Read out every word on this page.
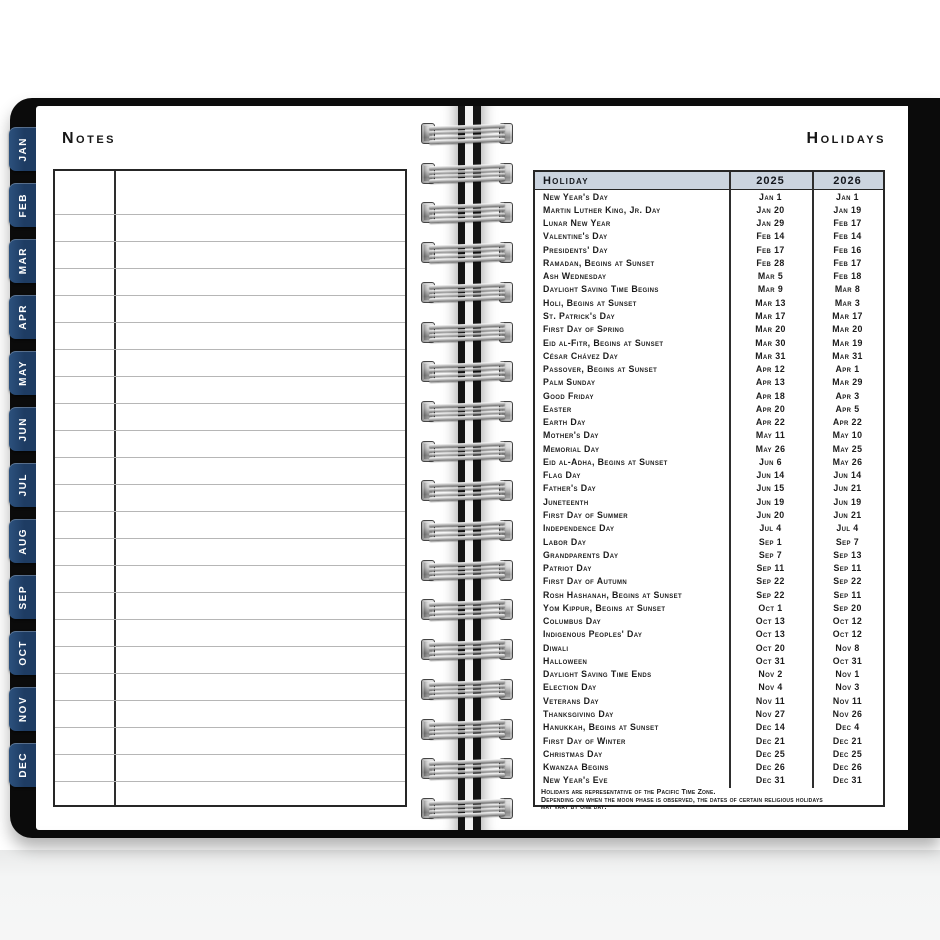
JAN
FEB
MAR
APR
MAY
JUN
JUL
AUG
SEP
OCT
NOV
DEC
Notes	Holidays
Holiday	2025	2026
New Year's Day	Jan 1	Jan 1
Martin Luther King, Jr. Day	Jan 20	Jan 19
Lunar New Year	Jan 29	Feb 17
Valentine's Day	Feb 14	Feb 14
Presidents' Day	Feb 17	Feb 16
Ramadan, Begins at Sunset	Feb 28	Feb 17
Ash Wednesday	Mar 5	Feb 18
Daylight Saving Time Begins	Mar 9	Mar 8
Holi, Begins at Sunset	Mar 13	Mar 3
St. Patrick's Day	Mar 17	Mar 17
First Day of Spring	Mar 20	Mar 20
Eid al-Fitr, Begins at Sunset	Mar 30	Mar 19
César Chávez Day	Mar 31	Mar 31
Passover, Begins at Sunset	Apr 12	Apr 1
Palm Sunday	Apr 13	Mar 29
Good Friday	Apr 18	Apr 3
Easter	Apr 20	Apr 5
Earth Day	Apr 22	Apr 22
Mother's Day	May 11	May 10
Memorial Day	May 26	May 25
Eid al-Adha, Begins at Sunset	Jun 6	May 26
Flag Day	Jun 14	Jun 14
Father's Day	Jun 15	Jun 21
Juneteenth	Jun 19	Jun 19
First Day of Summer	Jun 20	Jun 21
Independence Day	Jul 4	Jul 4
Labor Day	Sep 1	Sep 7
Grandparents Day	Sep 7	Sep 13
Patriot Day	Sep 11	Sep 11
First Day of Autumn	Sep 22	Sep 22
Rosh Hashanah, Begins at Sunset	Sep 22	Sep 11
Yom Kippur, Begins at Sunset	Oct 1	Sep 20
Columbus Day	Oct 13	Oct 12
Indigenous Peoples' Day	Oct 13	Oct 12
Diwali	Oct 20	Nov 8
Halloween	Oct 31	Oct 31
Daylight Saving Time Ends	Nov 2	Nov 1
Election Day	Nov 4	Nov 3
Veterans Day	Nov 11	Nov 11
Thanksgiving Day	Nov 27	Nov 26
Hanukkah, Begins at Sunset	Dec 14	Dec 4
First Day of Winter	Dec 21	Dec 21
Christmas Day	Dec 25	Dec 25
Kwanzaa Begins	Dec 26	Dec 26
New Year's Eve	Dec 31	Dec 31
Holidays are representative of the Pacific Time Zone.
Depending on when the moon phase is observed, the dates of certain religious holidays
may vary by one day.
